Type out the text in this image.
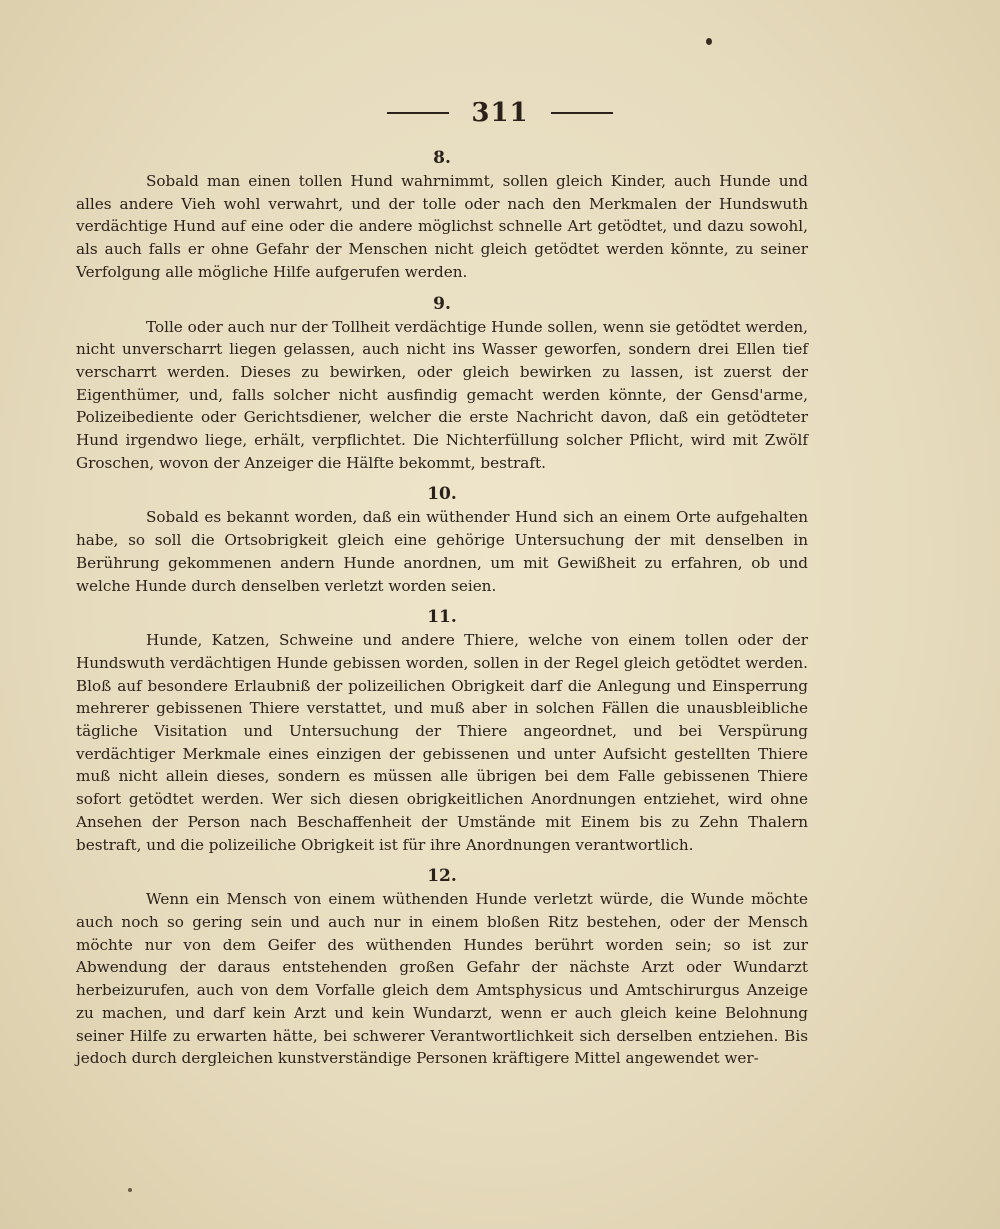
311

8.

Sobald man einen tollen Hund wahrnimmt, sollen gleich Kinder, auch Hunde und alles andere Vieh wohl verwahrt, und der tolle oder nach den Merkmalen der Hundswuth verdächtige Hund auf eine oder die andere möglichst schnelle Art getödtet, und dazu sowohl, als auch falls er ohne Gefahr der Menschen nicht gleich getödtet werden könnte, zu seiner Verfolgung alle mögliche Hilfe aufgerufen werden.

9.

Tolle oder auch nur der Tollheit verdächtige Hunde sollen, wenn sie getödtet werden, nicht unverscharrt liegen gelassen, auch nicht ins Wasser geworfen, sondern drei Ellen tief verscharrt werden. Dieses zu bewirken, oder gleich bewirken zu lassen, ist zuerst der Eigenthümer, und, falls solcher nicht ausfindig gemacht werden könnte, der Gensd'arme, Polizeibediente oder Gerichtsdiener, welcher die erste Nachricht davon, daß ein getödteter Hund irgendwo liege, erhält, verpflichtet. Die Nichterfüllung solcher Pflicht, wird mit Zwölf Groschen, wovon der Anzeiger die Hälfte bekommt, bestraft.

10.

Sobald es bekannt worden, daß ein wüthender Hund sich an einem Orte aufgehalten habe, so soll die Ortsobrigkeit gleich eine gehörige Untersuchung der mit denselben in Berührung gekommenen andern Hunde anordnen, um mit Gewißheit zu erfahren, ob und welche Hunde durch denselben verletzt worden seien.

11.

Hunde, Katzen, Schweine und andere Thiere, welche von einem tollen oder der Hundswuth verdächtigen Hunde gebissen worden, sollen in der Regel gleich getödtet werden. Bloß auf besondere Erlaubniß der polizeilichen Obrigkeit darf die Anlegung und Einsperrung mehrerer gebissenen Thiere verstattet, und muß aber in solchen Fällen die unausbleibliche tägliche Visitation und Untersuchung der Thiere angeordnet, und bei Verspürung verdächtiger Merkmale eines einzigen der gebissenen und unter Aufsicht gestellten Thiere muß nicht allein dieses, sondern es müssen alle übrigen bei dem Falle gebissenen Thiere sofort getödtet werden. Wer sich diesen obrigkeitlichen Anordnungen entziehet, wird ohne Ansehen der Person nach Beschaffenheit der Umstände mit Einem bis zu Zehn Thalern bestraft, und die polizeiliche Obrigkeit ist für ihre Anordnungen verantwortlich.

12.

Wenn ein Mensch von einem wüthenden Hunde verletzt würde, die Wunde möchte auch noch so gering sein und auch nur in einem bloßen Ritz bestehen, oder der Mensch möchte nur von dem Geifer des wüthenden Hundes berührt worden sein; so ist zur Abwendung der daraus entstehenden großen Gefahr der nächste Arzt oder Wundarzt herbeizurufen, auch von dem Vorfalle gleich dem Amtsphysicus und Amtschirurgus Anzeige zu machen, und darf kein Arzt und kein Wundarzt, wenn er auch gleich keine Belohnung seiner Hilfe zu erwarten hätte, bei schwerer Verantwortlichkeit sich derselben entziehen. Bis jedoch durch dergleichen kunstverständige Personen kräftigere Mittel angewendet wer-
